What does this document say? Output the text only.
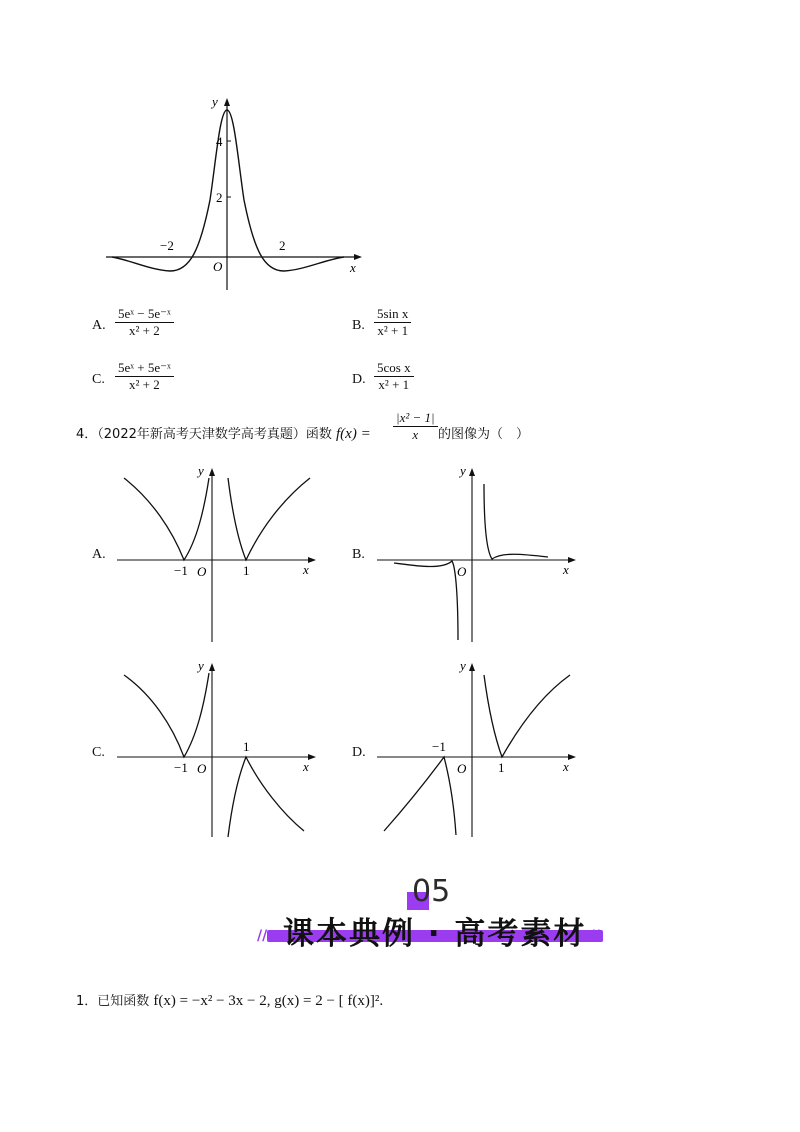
y
x
O
−2	2
2
4
A.
5eˣ − 5e⁻ˣ
x² + 2	B.
5sin x
x² + 1
C.
5eˣ + 5e⁻ˣ
x² + 2	D.
5cos x
x² + 1
4．（2022年新高考天津数学高考真题）函数 f(x) =
|x² − 1|
x 的图像为（　）
A.
y
x
O
−1	1
B.
y
x
O
C.
y
x
O
−1
1	D.
y
x
O
−1
1
05
//	\\
课本典例 · 高考素材
1．已知函数 f(x) = −x² − 3x − 2, g(x) = 2 − [ f(x)]².
